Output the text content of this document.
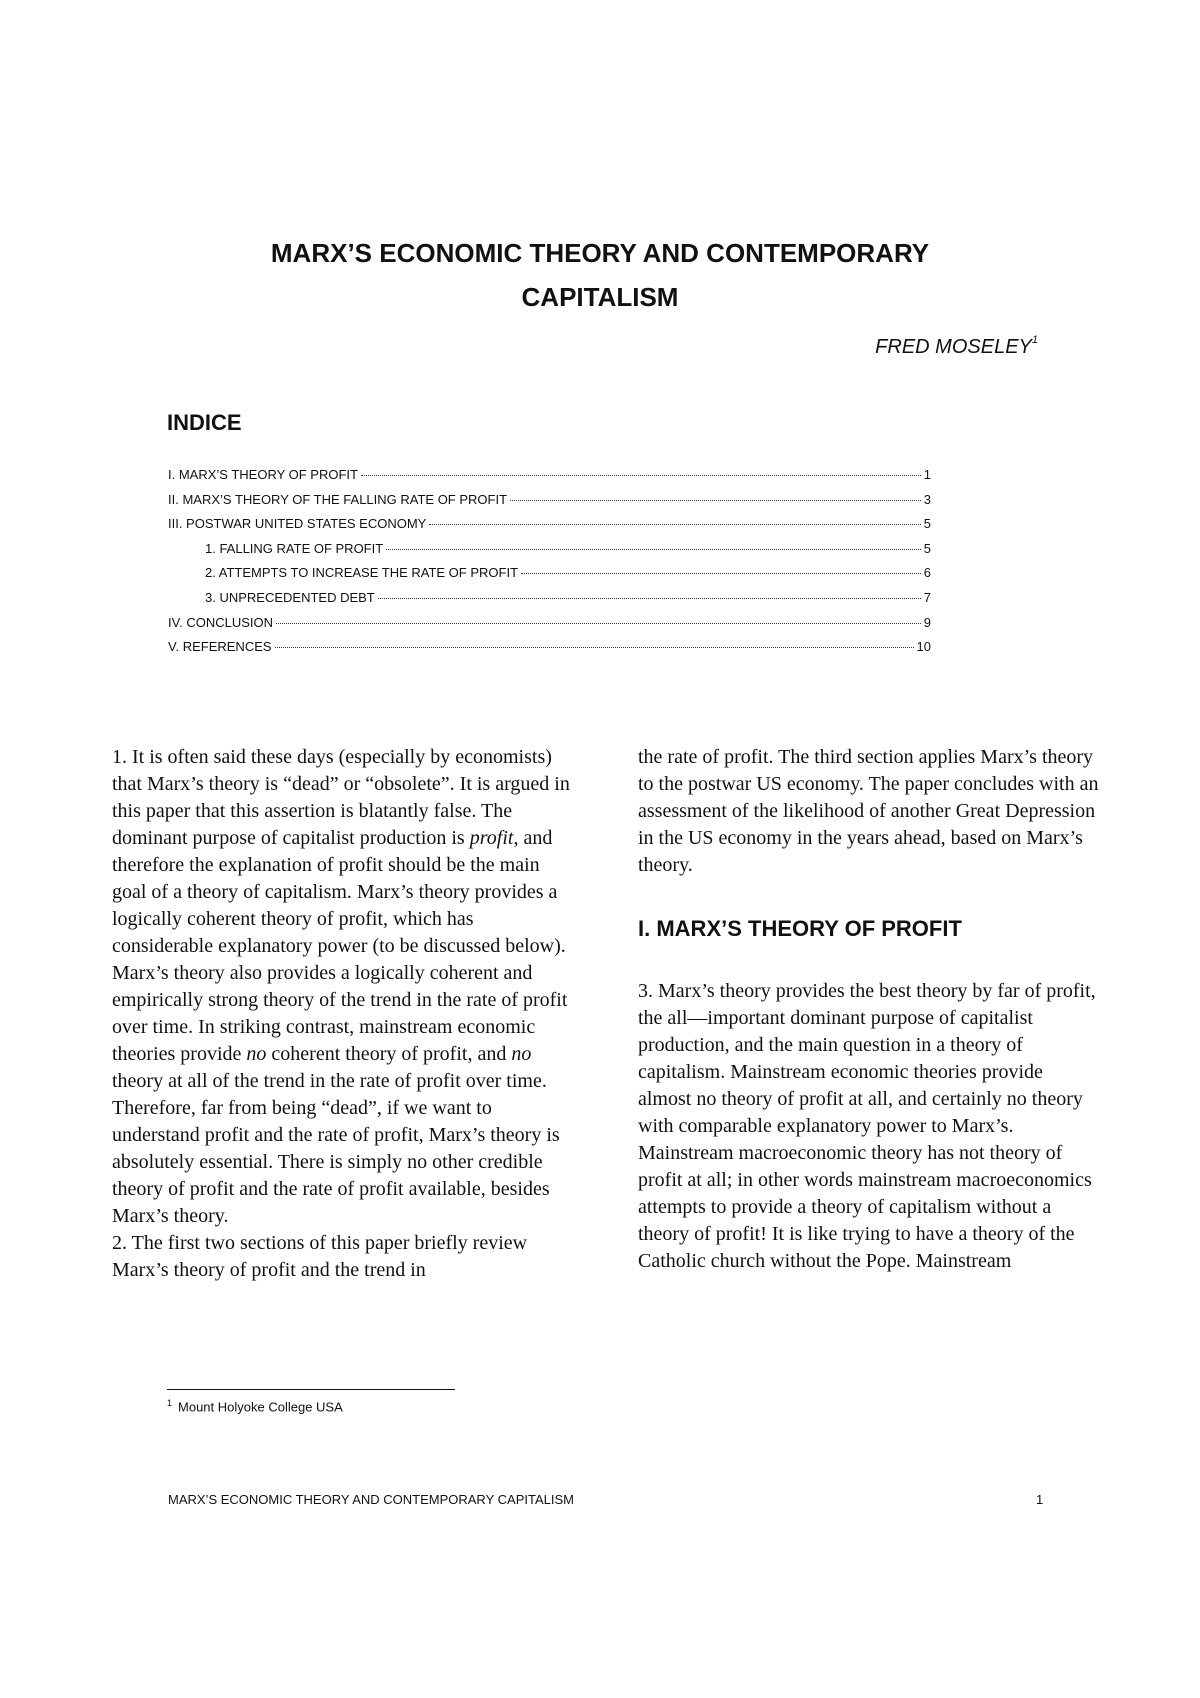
MARX’S ECONOMIC THEORY AND CONTEMPORARY
CAPITALISM
FRED MOSELEY$^1$
INDICE
I. MARX’S THEORY OF PROFIT	1
II. MARX’S THEORY OF THE FALLING RATE OF PROFIT	3
III. POSTWAR UNITED STATES ECONOMY	5
1. FALLING RATE OF PROFIT	5
2. ATTEMPTS TO INCREASE THE RATE OF PROFIT	6
3. UNPRECEDENTED DEBT	7
IV. CONCLUSION	9
V. REFERENCES	10

1. It is often said these days (especially by economists) that Marx’s theory is “dead” or “obsolete”. It is argued in this paper that this assertion is blatantly false. The dominant purpose of capitalist production is profit, and therefore the explanation of profit should be the main goal of a theory of capitalism. Marx’s theory provides a logically coherent theory of profit, which has considerable explanatory power (to be discussed below). Marx’s theory also provides a logically coherent and empirically strong theory of the trend in the rate of profit over time. In striking contrast, mainstream economic theories provide no coherent theory of profit, and no theory at all of the trend in the rate of profit over time. Therefore, far from being “dead”, if we want to understand profit and the rate of profit, Marx’s theory is absolutely essential. There is simply no other credible theory of profit and the rate of profit available, besides Marx’s theory.

2. The first two sections of this paper briefly review Marx’s theory of profit and the trend in

the rate of profit. The third section applies Marx’s theory to the postwar US economy. The paper concludes with an assessment of the likelihood of another Great Depression in the US economy in the years ahead, based on Marx’s theory.

I. MARX’S THEORY OF PROFIT

3. Marx’s theory provides the best theory by far of profit, the all—important dominant purpose of capitalist production, and the main question in a theory of capitalism. Mainstream economic theories provide almost no theory of profit at all, and certainly no theory with comparable explanatory power to Marx’s. Mainstream macroeconomic theory has not theory of profit at all; in other words mainstream macroeconomics attempts to provide a theory of capitalism without a theory of profit! It is like trying to have a theory of the Catholic church without the Pope. Mainstream

$^1$ Mount Holyoke College USA
MARX’S ECONOMIC THEORY AND CONTEMPORARY CAPITALISM	1
